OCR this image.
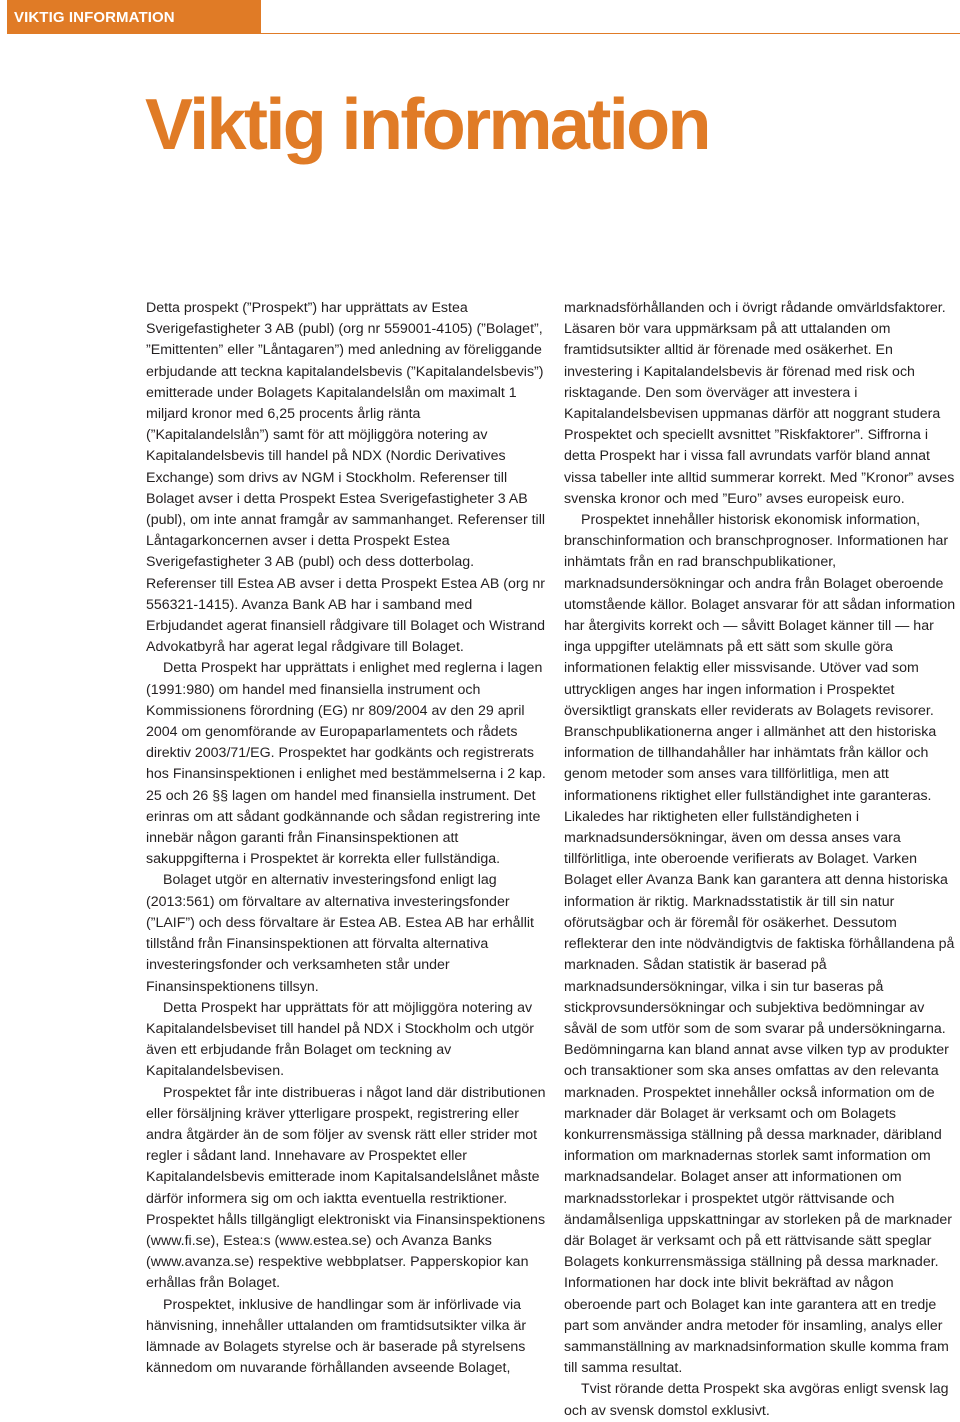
VIKTIG INFORMATION
Viktig information

Detta prospekt (”Prospekt”) har upprättats av Estea Sverigefastigheter 3 AB (publ) (org nr 559001-4105) (”Bolaget”, ”Emittenten” eller ”Låntagaren”) med anledning av föreliggande erbjudande att teckna kapitalandelsbevis (”Kapitalandelsbevis”) emitterade under Bolagets Kapitalandelslån om maximalt 1 miljard kronor med 6,25 procents årlig ränta (”Kapitalandelslån”) samt för att möjliggöra notering av Kapitalandelsbevis till handel på NDX (Nordic Derivatives Exchange) som drivs av NGM i Stockholm. Referenser till Bolaget avser i detta Prospekt Estea Sverigefastigheter 3 AB (publ), om inte annat framgår av sammanhanget. Referenser till Låntagarkoncernen avser i detta Prospekt Estea Sverigefastigheter 3 AB (publ) och dess dotterbolag. Referenser till Estea AB avser i detta Prospekt Estea AB (org nr 556321-1415). Avanza Bank AB har i samband med Erbjudandet agerat finansiell rådgivare till Bolaget och Wistrand Advokatbyrå har agerat legal rådgivare till Bolaget.

Detta Prospekt har upprättats i enlighet med reglerna i lagen (1991:980) om handel med finansiella instrument och Kommissionens förordning (EG) nr 809/2004 av den 29 april 2004 om genomförande av Europaparlamentets och rådets direktiv 2003/71/EG. Prospektet har godkänts och registrerats hos Finansinspektionen i enlighet med bestämmelserna i 2 kap. 25 och 26 §§ lagen om handel med finansiella instrument. Det erinras om att sådant godkännande och sådan registrering inte innebär någon garanti från Finansinspektionen att sakuppgifterna i Prospektet är korrekta eller fullständiga.

Bolaget utgör en alternativ investeringsfond enligt lag (2013:561) om förvaltare av alternativa investeringsfonder (”LAIF”) och dess förvaltare är Estea AB. Estea AB har erhållit tillstånd från Finansinspektionen att förvalta alternativa investeringsfonder och verksamheten står under Finansinspektionens tillsyn.

Detta Prospekt har upprättats för att möjliggöra notering av Kapitalandelsbeviset till handel på NDX i Stockholm och utgör även ett erbjudande från Bolaget om teckning av Kapitalandelsbevisen.

Prospektet får inte distribueras i något land där distributionen eller försäljning kräver ytterligare prospekt, registrering eller andra åtgärder än de som följer av svensk rätt eller strider mot regler i sådant land. Innehavare av Prospektet eller Kapitalandelsbevis emitterade inom Kapitalsandelslånet måste därför informera sig om och iaktta eventuella restriktioner. Prospektet hålls tillgängligt elektroniskt via Finansinspektionens (www.fi.se), Estea:s (www.estea.se) och Avanza Banks (www.avanza.se) respektive webbplatser. Papperskopior kan erhållas från Bolaget.

Prospektet, inklusive de handlingar som är införlivade via hänvisning, innehåller uttalanden om framtidsutsikter vilka är lämnade av Bolagets styrelse och är baserade på styrelsens kännedom om nuvarande förhållanden avseende Bolaget,

marknadsförhållanden och i övrigt rådande omvärldsfaktorer. Läsaren bör vara uppmärksam på att uttalanden om framtidsutsikter alltid är förenade med osäkerhet. En investering i Kapitalandelsbevis är förenad med risk och risktagande. Den som överväger att investera i Kapitalandelsbevisen uppmanas därför att noggrant studera Prospektet och speciellt avsnittet ”Riskfaktorer”. Siffrorna i detta Prospekt har i vissa fall avrundats varför bland annat vissa tabeller inte alltid summerar korrekt. Med ”Kronor” avses svenska kronor och med ”Euro” avses europeisk euro.

Prospektet innehåller historisk ekonomisk information, branschinformation och branschprognoser. Informationen har inhämtats från en rad branschpublikationer, marknadsundersökningar och andra från Bolaget oberoende utomstående källor. Bolaget ansvarar för att sådan information har återgivits korrekt och — såvitt Bolaget känner till — har inga uppgifter utelämnats på ett sätt som skulle göra informationen felaktig eller missvisande. Utöver vad som uttryckligen anges har ingen information i Prospektet översiktligt granskats eller reviderats av Bolagets revisorer. Branschpublikationerna anger i allmänhet att den historiska information de tillhandahåller har inhämtats från källor och genom metoder som anses vara tillförlitliga, men att informationens riktighet eller fullständighet inte garanteras. Likaledes har riktigheten eller fullständigheten i marknadsundersökningar, även om dessa anses vara tillförlitliga, inte oberoende verifierats av Bolaget. Varken Bolaget eller Avanza Bank kan garantera att denna historiska information är riktig. Marknadsstatistik är till sin natur oförutsägbar och är föremål för osäkerhet. Dessutom reflekterar den inte nödvändigtvis de faktiska förhållandena på marknaden. Sådan statistik är baserad på marknadsundersökningar, vilka i sin tur baseras på stickprovsundersökningar och subjektiva bedömningar av såväl de som utför som de som svarar på undersökningarna. Bedömningarna kan bland annat avse vilken typ av produkter och transaktioner som ska anses omfattas av den relevanta marknaden. Prospektet innehåller också information om de marknader där Bolaget är verksamt och om Bolagets konkurrensmässiga ställning på dessa marknader, däribland information om marknadernas storlek samt information om marknadsandelar. Bolaget anser att informationen om marknadsstorlekar i prospektet utgör rättvisande och ändamålsenliga uppskattningar av storleken på de marknader där Bolaget är verksamt och på ett rättvisande sätt speglar Bolagets konkurrensmässiga ställning på dessa marknader. Informationen har dock inte blivit bekräftad av någon oberoende part och Bolaget kan inte garantera att en tredje part som använder andra metoder för insamling, analys eller sammanställning av marknadsinformation skulle komma fram till samma resultat.

Tvist rörande detta Prospekt ska avgöras enligt svensk lag och av svensk domstol exklusivt.
